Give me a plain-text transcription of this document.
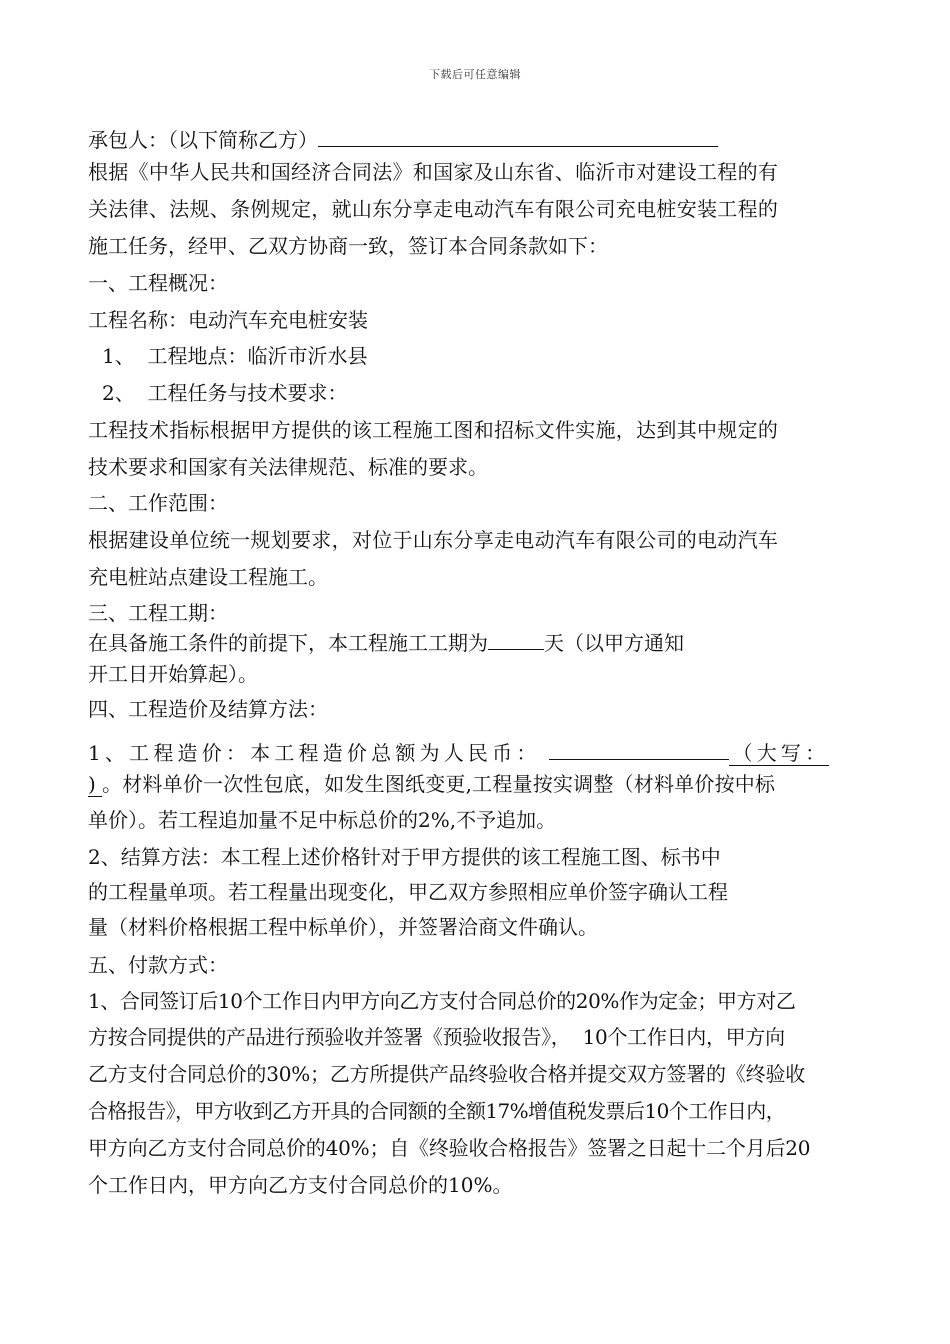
下载后可任意编辑
承包人：（以下简称乙方）
根据《中华人民共和国经济合同法》和国家及山东省、临沂市对建设工程的有
关法律、法规、条例规定，就山东分享走电动汽车有限公司充电桩安装工程的
施工任务，经甲、乙双方协商一致，签订本合同条款如下：
一、工程概况：
工程名称：电动汽车充电桩安装
1、  工程地点：临沂市沂水县
2、  工程任务与技术要求：
工程技术指标根据甲方提供的该工程施工图和招标文件实施，达到其中规定的
技术要求和国家有关法律规范、标准的要求。
二、工作范围：
根据建设单位统一规划要求，对位于山东分享走电动汽车有限公司的电动汽车
充电桩站点建设工程施工。
三、工程工期：
在具备施工条件的前提下，本工程施工工期为	天（以甲方通知
开工日开始算起）。
四、工程造价及结算方法：
1、工程造价：本工程造价总额为人民币：	（大写：
) 。材料单价一次性包底，如发生图纸变更,工程量按实调整（材料单价按中标
单价）。若工程追加量不足中标总价的2%,不予追加。
2、结算方法：本工程上述价格针对于甲方提供的该工程施工图、标书中
的工程量单项。若工程量出现变化，甲乙双方参照相应单价签字确认工程
量（材料价格根据工程中标单价），并签署洽商文件确认。
五、付款方式：
1、合同签订后10个工作日内甲方向乙方支付合同总价的20%作为定金；甲方对乙
方按合同提供的产品进行预验收并签署《预验收报告》，  10个工作日内，甲方向
乙方支付合同总价的30%；乙方所提供产品终验收合格并提交双方签署的《终验收
合格报告》，甲方收到乙方开具的合同额的全额17%增值税发票后10个工作日内，
甲方向乙方支付合同总价的40%；自《终验收合格报告》签署之日起十二个月后20
个工作日内，甲方向乙方支付合同总价的10%。
